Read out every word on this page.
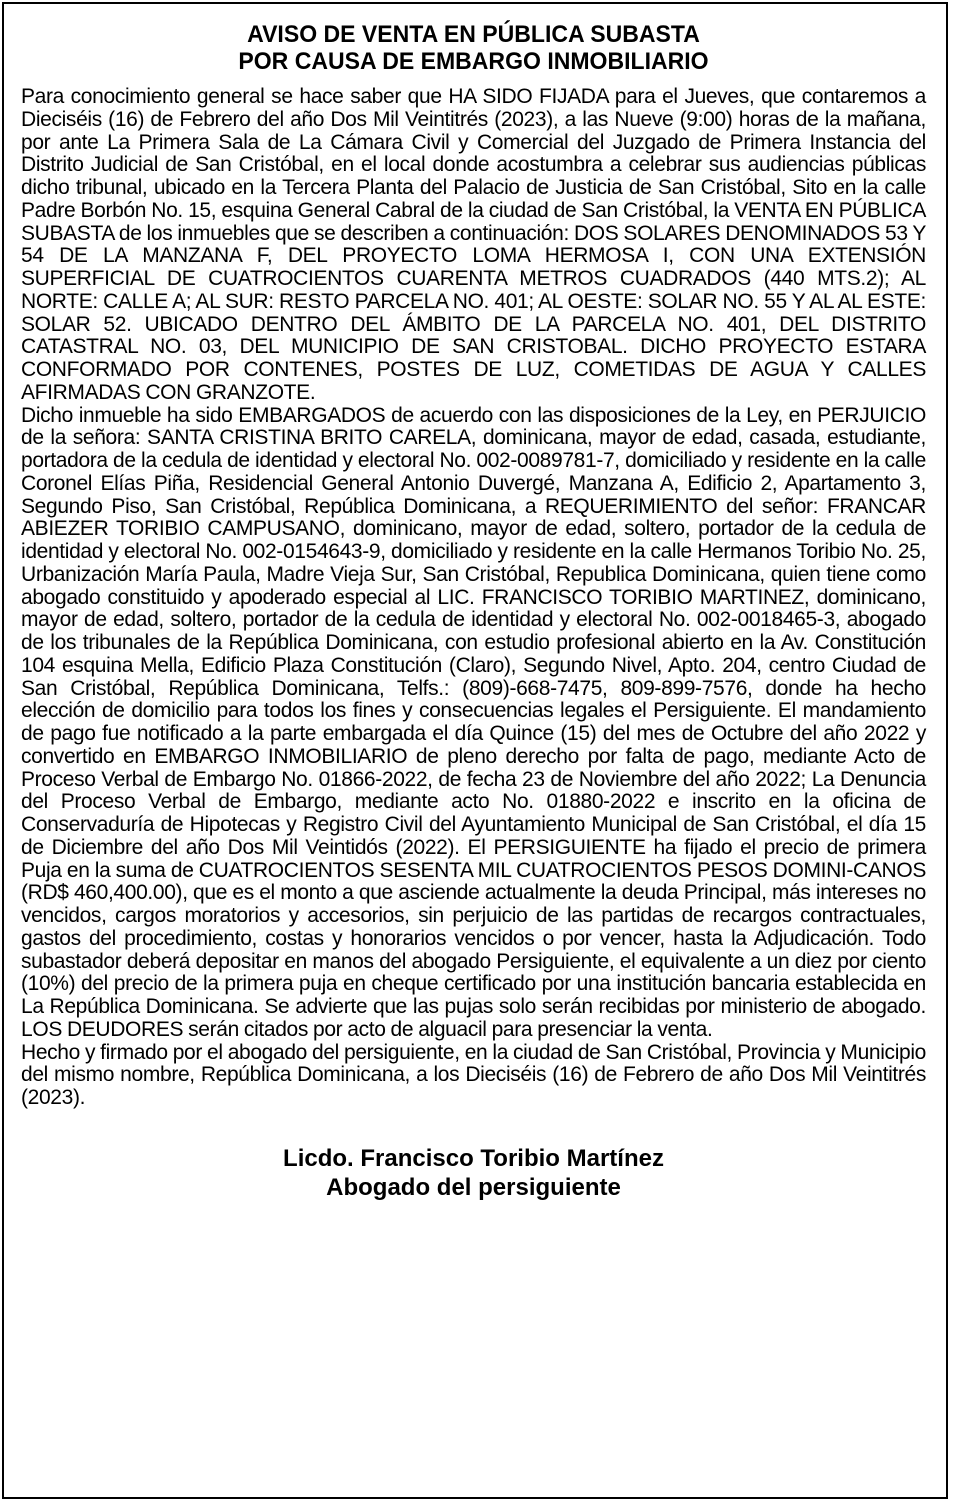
AVISO DE VENTA EN PÚBLICA SUBASTA
POR CAUSA DE EMBARGO INMOBILIARIO

Para conocimiento general se hace saber que HA SIDO FIJADA para el Jueves, que contaremos a Dieciséis (16) de Febrero del año Dos Mil Veintitrés (2023), a las Nueve (9:00) horas de la mañana, por ante La Primera Sala de La Cámara Civil y Comercial del Juzgado de Primera Instancia del Distrito Judicial de San Cristóbal, en el local donde acostumbra a celebrar sus audiencias públicas dicho tribunal, ubicado en la Tercera Planta del Palacio de Justicia de San Cristóbal, Sito en la calle Padre Borbón No. 15, esquina General Cabral de la ciudad de San Cristóbal, la VENTA EN PÚBLICA SUBASTA de los inmuebles que se describen a continuación: DOS SOLARES DENOMINADOS 53 Y 54 DE LA MANZANA F, DEL PROYECTO LOMA HERMOSA I, CON UNA EXTENSIÓN SUPERFICIAL DE CUATROCIENTOS CUARENTA METROS CUADRADOS (440 MTS.2); AL NORTE: CALLE A; AL SUR: RESTO PARCELA NO. 401; AL OESTE: SOLAR NO. 55 Y AL AL ESTE: SOLAR 52. UBICADO DENTRO DEL ÁMBITO DE LA PARCELA NO. 401, DEL DISTRITO CATASTRAL NO. 03, DEL MUNICIPIO DE SAN CRISTOBAL. DICHO PROYECTO ESTARA CONFORMADO POR CONTENES, POSTES DE LUZ, COMETIDAS DE AGUA Y CALLES AFIRMADAS CON GRANZOTE.

Dicho inmueble ha sido EMBARGADOS de acuerdo con las disposiciones de la Ley, en PERJUICIO de la señora: SANTA CRISTINA BRITO CARELA, dominicana, mayor de edad, casada, estudiante, portadora de la cedula de identidad y electoral No. 002-0089781-7, domiciliado y residente en la calle Coronel Elías Piña, Residencial General Antonio Duvergé, Manzana A, Edificio 2, Apartamento 3, Segundo Piso, San Cristóbal, República Dominicana, a REQUERIMIENTO del señor: FRANCAR ABIEZER TORIBIO CAMPUSANO, dominicano, mayor de edad, soltero, portador de la cedula de identidad y electoral No. 002-0154643-9, domiciliado y residente en la calle Hermanos Toribio No. 25, Urbanización María Paula, Madre Vieja Sur, San Cristóbal, Republica Dominicana, quien tiene como abogado constituido y apoderado especial al LIC. FRANCISCO TORIBIO MARTINEZ, dominicano, mayor de edad, soltero, portador de la cedula de identidad y electoral No. 002-0018465-3, abogado de los tribunales de la República Dominicana, con estudio profesional abierto en la Av. Constitución 104 esquina Mella, Edificio Plaza Constitución (Claro), Segundo Nivel, Apto. 204, centro Ciudad de San Cristóbal, República Dominicana, Telfs.: (809)-668-7475, 809-899-7576, donde ha hecho elección de domicilio para todos los fines y consecuencias legales el Persiguiente. El mandamiento de pago fue notificado a la parte embargada el día Quince (15) del mes de Octubre del año 2022 y convertido en EMBARGO INMOBILIARIO de pleno derecho por falta de pago, mediante Acto de Proceso Verbal de Embargo No. 01866-2022, de fecha 23 de Noviembre del año 2022; La Denuncia del Proceso Verbal de Embargo, mediante acto No. 01880-2022 e inscrito en la oficina de Conservaduría de Hipotecas y Registro Civil del Ayuntamiento Municipal de San Cristóbal, el día 15 de Diciembre del año Dos Mil Veintidós (2022). El PERSIGUIENTE ha fijado el precio de primera Puja en la suma de CUATROCIENTOS SESENTA MIL CUATROCIENTOS PESOS DOMINI-CANOS (RD$ 460,400.00), que es el monto a que asciende actualmente la deuda Principal, más intereses no vencidos, cargos moratorios y accesorios, sin perjuicio de las partidas de recargos contractuales, gastos del procedimiento, costas y honorarios vencidos o por vencer, hasta la Adjudicación. Todo subastador deberá depositar en manos del abogado Persiguiente, el equivalente a un diez por ciento (10%) del precio de la primera puja en cheque certificado por una institución bancaria establecida en La República Dominicana. Se advierte que las pujas solo serán recibidas por ministerio de abogado. LOS DEUDORES serán citados por acto de alguacil para presenciar la venta.

Hecho y firmado por el abogado del persiguiente, en la ciudad de San Cristóbal, Provincia y Municipio del mismo nombre, República Dominicana, a los Dieciséis (16) de Febrero de año Dos Mil Veintitrés (2023).

Licdo. Francisco Toribio Martínez
Abogado del persiguiente
